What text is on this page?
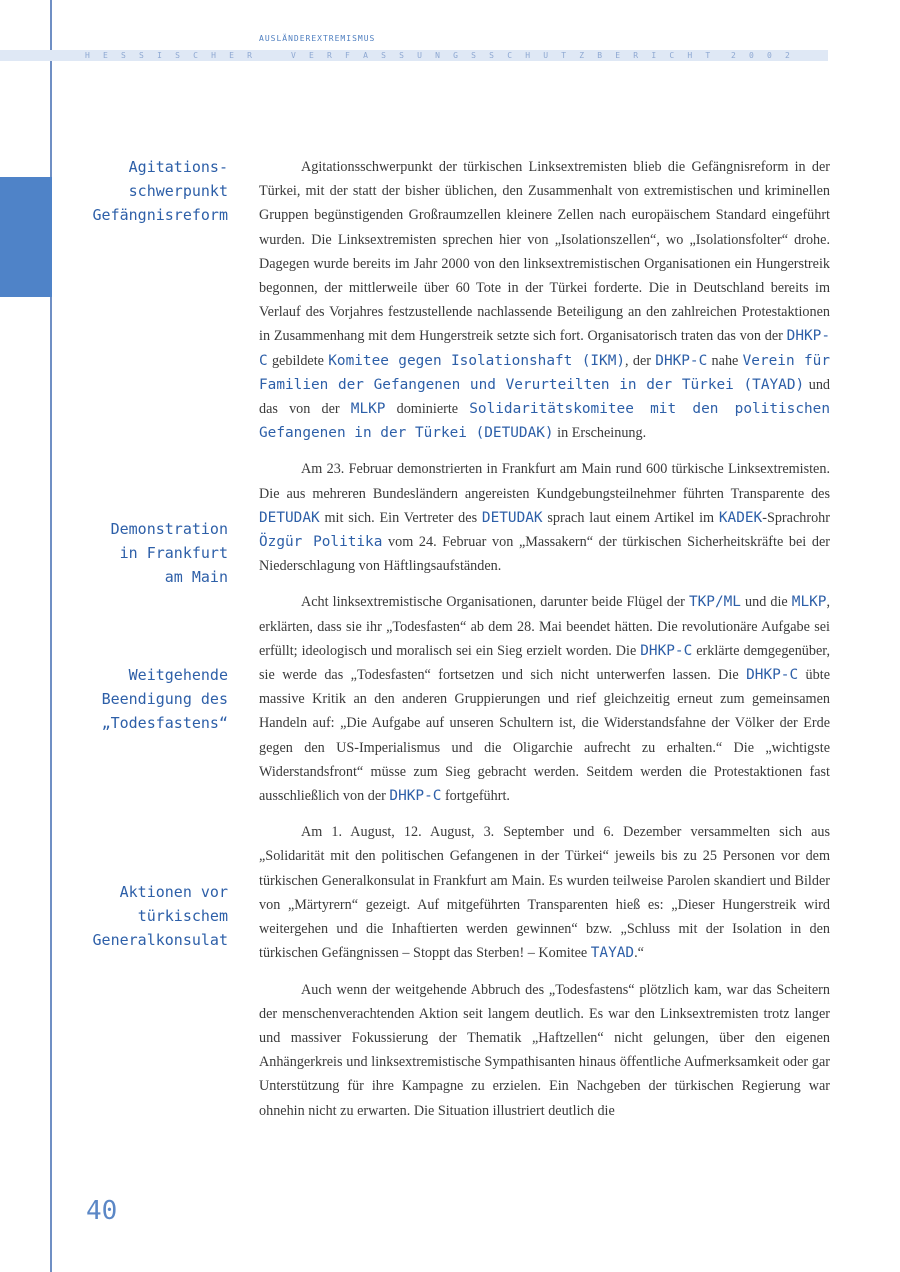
AUSLÄNDEREXTREMISMUS
HESSISCHER	VERFASSUNGSSCHUTZBERICHT 2002
Agitations-
schwerpunkt
Gefängnisreform
Demonstration
in Frankfurt
am Main
Weitgehende
Beendigung des
„Todesfastens“
Aktionen vor
türkischem
Generalkonsulat

Agitationsschwerpunkt der türkischen Linksextremisten blieb die Gefängnisreform in der Türkei, mit der statt der bisher üblichen, den Zusammenhalt von extremistischen und kriminellen Gruppen begünstigenden Großraumzellen kleinere Zellen nach europäischem Standard eingeführt wurden. Die Linksextremisten sprechen hier von „Isolationszellen“, wo „Isolationsfolter“ drohe. Dagegen wurde bereits im Jahr 2000 von den linksextremistischen Organisationen ein Hungerstreik begonnen, der mittlerweile über 60 Tote in der Türkei forderte. Die in Deutschland bereits im Verlauf des Vorjahres festzustellende nachlassende Beteiligung an den zahlreichen Protestaktionen in Zusammenhang mit dem Hungerstreik setzte sich fort. Organisatorisch traten das von der DHKP-C gebildete Komitee gegen Isolationshaft (IKM), der DHKP-C nahe Verein für Familien der Gefangenen und Verurteilten in der Türkei (TAYAD) und das von der MLKP dominierte Solidaritätskomitee mit den politischen Gefangenen in der Türkei (DETUDAK) in Erscheinung.

Am 23. Februar demonstrierten in Frankfurt am Main rund 600 türkische Linksextremisten. Die aus mehreren Bundesländern angereisten Kundgebungsteilnehmer führten Transparente des DETUDAK mit sich. Ein Vertreter des DETUDAK sprach laut einem Artikel im KADEK-Sprachrohr Özgür Politika vom 24. Februar von „Massakern“ der türkischen Sicherheitskräfte bei der Niederschlagung von Häftlingsaufständen.

Acht linksextremistische Organisationen, darunter beide Flügel der TKP/ML und die MLKP, erklärten, dass sie ihr „Todesfasten“ ab dem 28. Mai beendet hätten. Die revolutionäre Aufgabe sei erfüllt; ideologisch und moralisch sei ein Sieg erzielt worden. Die DHKP-C erklärte demgegenüber, sie werde das „Todesfasten“ fortsetzen und sich nicht unterwerfen lassen. Die DHKP-C übte massive Kritik an den anderen Gruppierungen und rief gleichzeitig erneut zum gemeinsamen Handeln auf: „Die Aufgabe auf unseren Schultern ist, die Widerstandsfahne der Völker der Erde gegen den US-Imperialismus und die Oligarchie aufrecht zu erhalten.“ Die „wichtigste Widerstandsfront“ müsse zum Sieg gebracht werden. Seitdem werden die Protestaktionen fast ausschließlich von der DHKP-C fortgeführt.

Am 1. August, 12. August, 3. September und 6. Dezember versammelten sich aus „Solidarität mit den politischen Gefangenen in der Türkei“ jeweils bis zu 25 Personen vor dem türkischen Generalkonsulat in Frankfurt am Main. Es wurden teilweise Parolen skandiert und Bilder von „Märtyrern“ gezeigt. Auf mitgeführten Transparenten hieß es: „Dieser Hungerstreik wird weitergehen und die Inhaftierten werden gewinnen“ bzw. „Schluss mit der Isolation in den türkischen Gefängnissen – Stoppt das Sterben! – Komitee TAYAD.“

Auch wenn der weitgehende Abbruch des „Todesfastens“ plötzlich kam, war das Scheitern der menschenverachtenden Aktion seit langem deutlich. Es war den Linksextremisten trotz langer und massiver Fokussierung der Thematik „Haftzellen“ nicht gelungen, über den eigenen Anhängerkreis und linksextremistische Sympathisanten hinaus öffentliche Aufmerksamkeit oder gar Unterstützung für ihre Kampagne zu erzielen. Ein Nachgeben der türkischen Regierung war ohnehin nicht zu erwarten. Die Situation illustriert deutlich die

40
